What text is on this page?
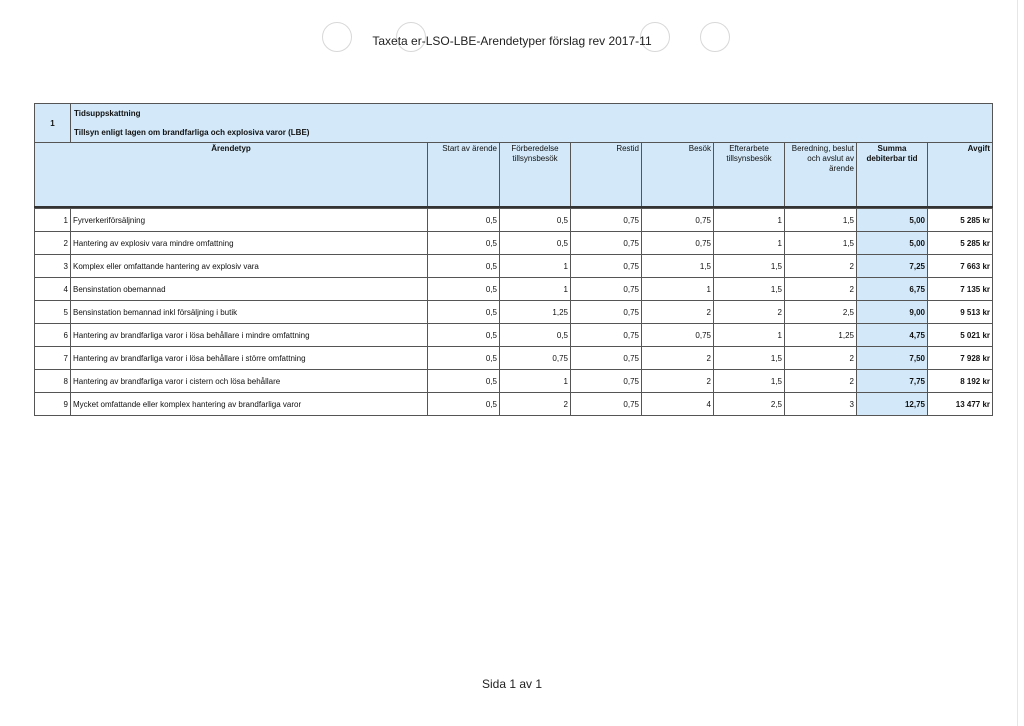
Taxeta er-LSO-LBE-Arendetyper förslag rev 2017-11
1	Tidsuppskattning
Tillsyn enligt lagen om brandfarliga och explosiva varor (LBE)								

Ärendetyp		Start av ärende	Förberedelse tillsynsbesök	Restid	Besök	Efterarbete tillsynsbesök	Beredning, beslut och avslut av ärende	Summa debiterbar tid	Avgift

1	Fyrverkeriförsäljning	0,5	0,5	0,75	0,75	1	1,5	5,00	5 285 kr
2	Hantering av explosiv vara mindre omfattning	0,5	0,5	0,75	0,75	1	1,5	5,00	5 285 kr
3	Komplex eller omfattande hantering av explosiv vara	0,5	1	0,75	1,5	1,5	2	7,25	7 663 kr
4	Bensinstation obemannad	0,5	1	0,75	1	1,5	2	6,75	7 135 kr
5	Bensinstation bemannad inkl försäljning i butik	0,5	1,25	0,75	2	2	2,5	9,00	9 513 kr
6	Hantering av brandfarliga varor i lösa behållare i mindre omfattning	0,5	0,5	0,75	0,75	1	1,25	4,75	5 021 kr
7	Hantering av brandfarliga varor i lösa behållare i större omfattning	0,5	0,75	0,75	2	1,5	2	7,50	7 928 kr
8	Hantering av brandfarliga varor i cistern och lösa behållare	0,5	1	0,75	2	1,5	2	7,75	8 192 kr
9	Mycket omfattande eller komplex hantering av brandfarliga varor	0,5	2	0,75	4	2,5	3	12,75	13 477 kr
Sida 1 av 1
